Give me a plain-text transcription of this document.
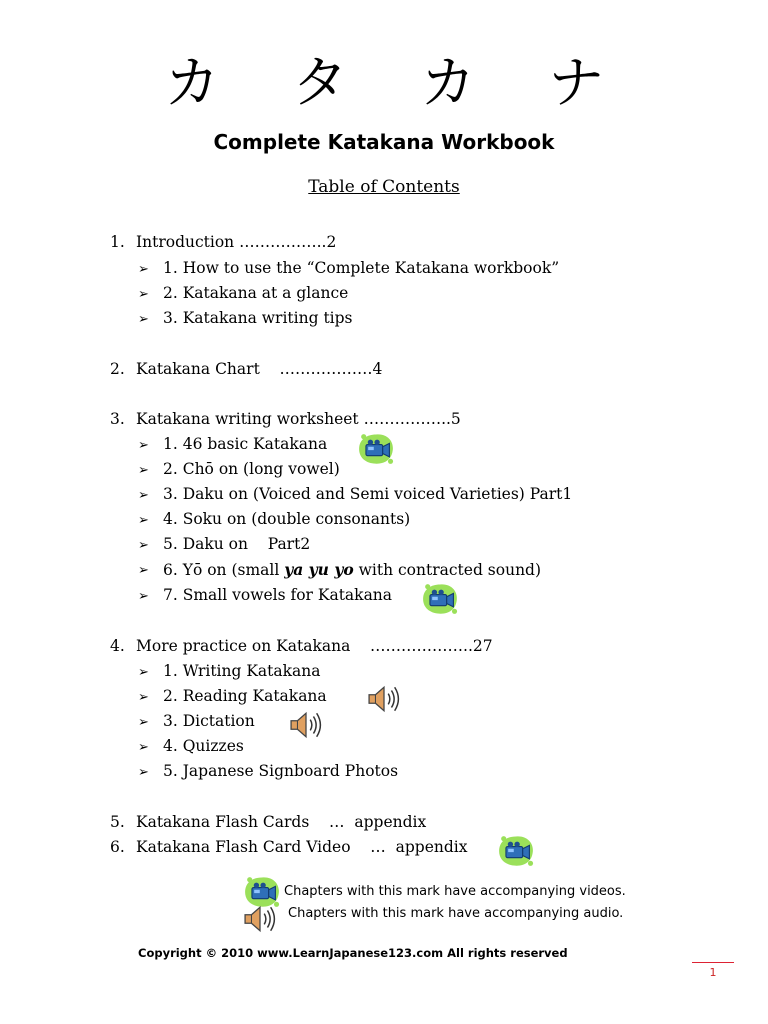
カ タ カ ナ
Complete Katakana Workbook
Table of Contents
1. Introduction ……………..2
➢ 1. How to use the “Complete Katakana workbook”
➢ 2. Katakana at a glance
➢ 3. Katakana writing tips
2. Katakana Chart ………………4
3. Katakana writing worksheet ……………..5
➢ 1. 46 basic Katakana
➢ 2. Chō on (long vowel)
➢ 3. Daku on (Voiced and Semi voiced Varieties) Part1
➢ 4. Soku on (double consonants)
➢ 5. Daku on    Part2
➢ 6. Yō on (small ya yu yo with contracted sound)
➢ 7. Small vowels for Katakana
4. More practice on Katakana ………………..27
➢ 1. Writing Katakana
➢ 2. Reading Katakana
➢ 3. Dictation
➢ 4. Quizzes
➢ 5. Japanese Signboard Photos
5. Katakana Flash Cards …  appendix
6. Katakana Flash Card Video …  appendix
Chapters with this mark have accompanying videos.
Chapters with this mark have accompanying audio.
Copyright © 2010 www.LearnJapanese123.com All rights reserved
1
